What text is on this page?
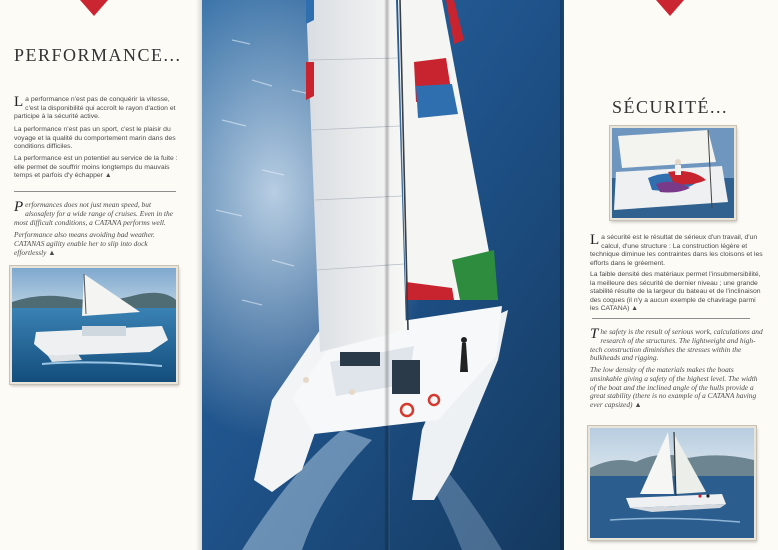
PERFORMANCE...
La performance n'est pas de conquérir la vitesse, c'est la disponibilité qui accroît le rayon d'action et participe à la sécurité active.
La performance n'est pas un sport, c'est le plaisir du voyage et la qualité du comportement marin dans des conditions difficiles.
La performance est un potentiel au service de la fuite : elle permet de souffrir moins longtemps du mauvais temps et parfois d'y échapper ▲
Performances does not just mean speed, but alsosafety for a wide range of cruises. Even in the most difficult conditions, a CATANA performs well.
Performance also means avoiding bad weather. CATANAS agility enable her to slip into dock effortlessly ▲
SÉCURITÉ...
La sécurité est le résultat de sérieux d'un travail, d'un calcul, d'une structure : La construction légère et technique diminue les contraintes dans les cloisons et les efforts dans le gréement.
La faible densité des matériaux permet l'insubmersibilité, la meilleure des sécurité de dernier niveau ; une grande stabilité résulte de la largeur du bateau et de l'inclinaison des coques (il n'y a aucun exemple de chavirage parmi les CATANA) ▲
The safety is the result of serious work, calculations and research of the structures. The lightweight and high-tech construction diminishes the stresses within the bulkheads and rigging.
The low density of the materials makes the boats unsinkable giving a safety of the highest level. The width of the boat and the inclined angle of the hulls provide a great stability (there is no example of a CATANA having ever capsized) ▲
